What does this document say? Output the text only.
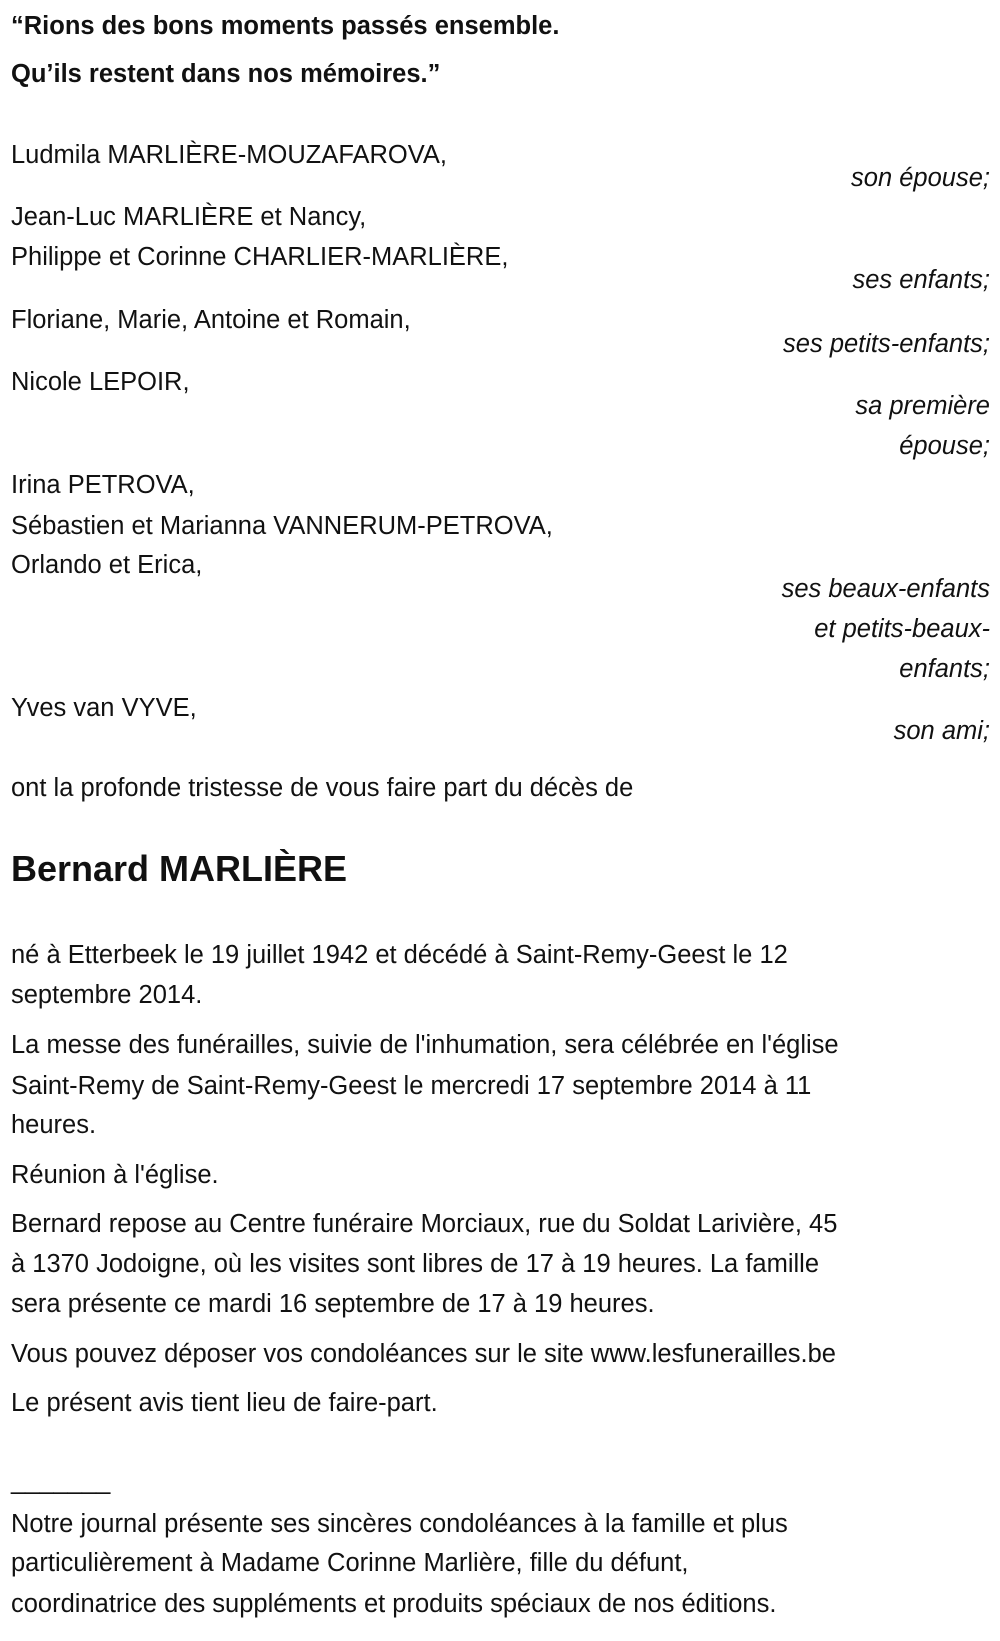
“Rions des bons moments passés ensemble.
Qu’ils restent dans nos mémoires.”
Ludmila MARLIÈRE-MOUZAFAROVA,
son épouse;
Jean-Luc MARLIÈRE et Nancy,
Philippe et Corinne CHARLIER-MARLIÈRE,
ses enfants;
Floriane, Marie, Antoine et Romain,
ses petits-enfants;
Nicole LEPOIR,
sa première
épouse;
Irina PETROVA,
Sébastien et Marianna VANNERUM-PETROVA,
Orlando et Erica,
ses beaux-enfants
et petits-beaux-
enfants;
Yves van VYVE,
son ami;
ont la profonde tristesse de vous faire part du décès de
Bernard MARLIÈRE
né à Etterbeek le 19 juillet 1942 et décédé à Saint-Remy-Geest le 12
septembre 2014.
La messe des funérailles, suivie de l'inhumation, sera célébrée en l'église
Saint-Remy de Saint-Remy-Geest le mercredi 17 septembre 2014 à 11
heures.
Réunion à l'église.
Bernard repose au Centre funéraire Morciaux, rue du Soldat Larivière, 45
à 1370 Jodoigne, où les visites sont libres de 17 à 19 heures. La famille
sera présente ce mardi 16 septembre de 17 à 19 heures.
Vous pouvez déposer vos condoléances sur le site www.lesfunerailles.be
Le présent avis tient lieu de faire-part.
_______
Notre journal présente ses sincères condoléances à la famille et plus
particulièrement à Madame Corinne Marlière, fille du défunt,
coordinatrice des suppléments et produits spéciaux de nos éditions.
